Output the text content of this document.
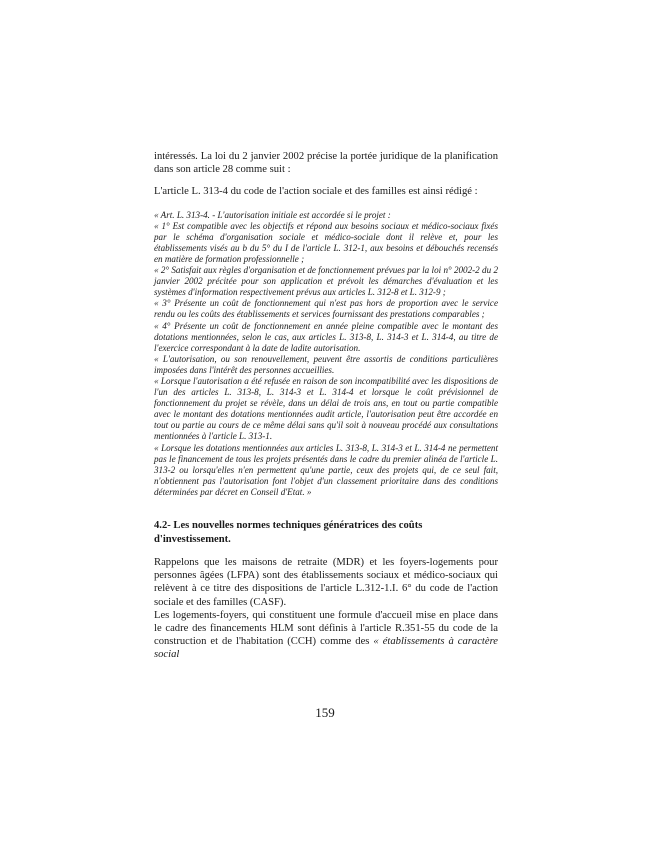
intéressés. La loi du 2 janvier 2002 précise la portée juridique de la planification dans son article 28 comme suit :

L'article L. 313-4 du code de l'action sociale et des familles est ainsi rédigé :

« Art. L. 313-4. - L'autorisation initiale est accordée si le projet :

« 1° Est compatible avec les objectifs et répond aux besoins sociaux et médico-sociaux fixés par le schéma d'organisation sociale et médico-sociale dont il relève et, pour les établissements visés au b du 5° du I de l'article L. 312-1, aux besoins et débouchés recensés en matière de formation professionnelle ;

« 2° Satisfait aux règles d'organisation et de fonctionnement prévues par la loi n° 2002-2 du 2 janvier 2002 précitée pour son application et prévoit les démarches d'évaluation et les systèmes d'information respectivement prévus aux articles L. 312-8 et L. 312-9 ;

« 3° Présente un coût de fonctionnement qui n'est pas hors de proportion avec le service rendu ou les coûts des établissements et services fournissant des prestations comparables ;

« 4° Présente un coût de fonctionnement en année pleine compatible avec le montant des dotations mentionnées, selon le cas, aux articles L. 313-8, L. 314-3 et L. 314-4, au titre de l'exercice correspondant à la date de ladite autorisation.

« L'autorisation, ou son renouvellement, peuvent être assortis de conditions particulières imposées dans l'intérêt des personnes accueillies.

« Lorsque l'autorisation a été refusée en raison de son incompatibilité avec les dispositions de l'un des articles L. 313-8, L. 314-3 et L. 314-4 et lorsque le coût prévisionnel de fonctionnement du projet se révèle, dans un délai de trois ans, en tout ou partie compatible avec le montant des dotations mentionnées audit article, l'autorisation peut être accordée en tout ou partie au cours de ce même délai sans qu'il soit à nouveau procédé aux consultations mentionnées à l'article L. 313-1.

« Lorsque les dotations mentionnées aux articles L. 313-8, L. 314-3 et L. 314-4 ne permettent pas le financement de tous les projets présentés dans le cadre du premier alinéa de l'article L. 313-2 ou lorsqu'elles n'en permettent qu'une partie, ceux des projets qui, de ce seul fait, n'obtiennent pas l'autorisation font l'objet d'un classement prioritaire dans des conditions déterminées par décret en Conseil d'Etat. »

4.2- Les nouvelles normes techniques génératrices des coûts d'investissement.

Rappelons que les maisons de retraite (MDR) et les foyers-logements pour personnes âgées (LFPA) sont des établissements sociaux et médico-sociaux qui relèvent à ce titre des dispositions de l'article L.312-1.I. 6° du code de l'action sociale et des familles (CASF).

Les logements-foyers, qui constituent une formule d'accueil mise en place dans le cadre des financements HLM sont définis à l'article R.351-55 du code de la construction et de l'habitation (CCH) comme des « établissements à caractère social

159
